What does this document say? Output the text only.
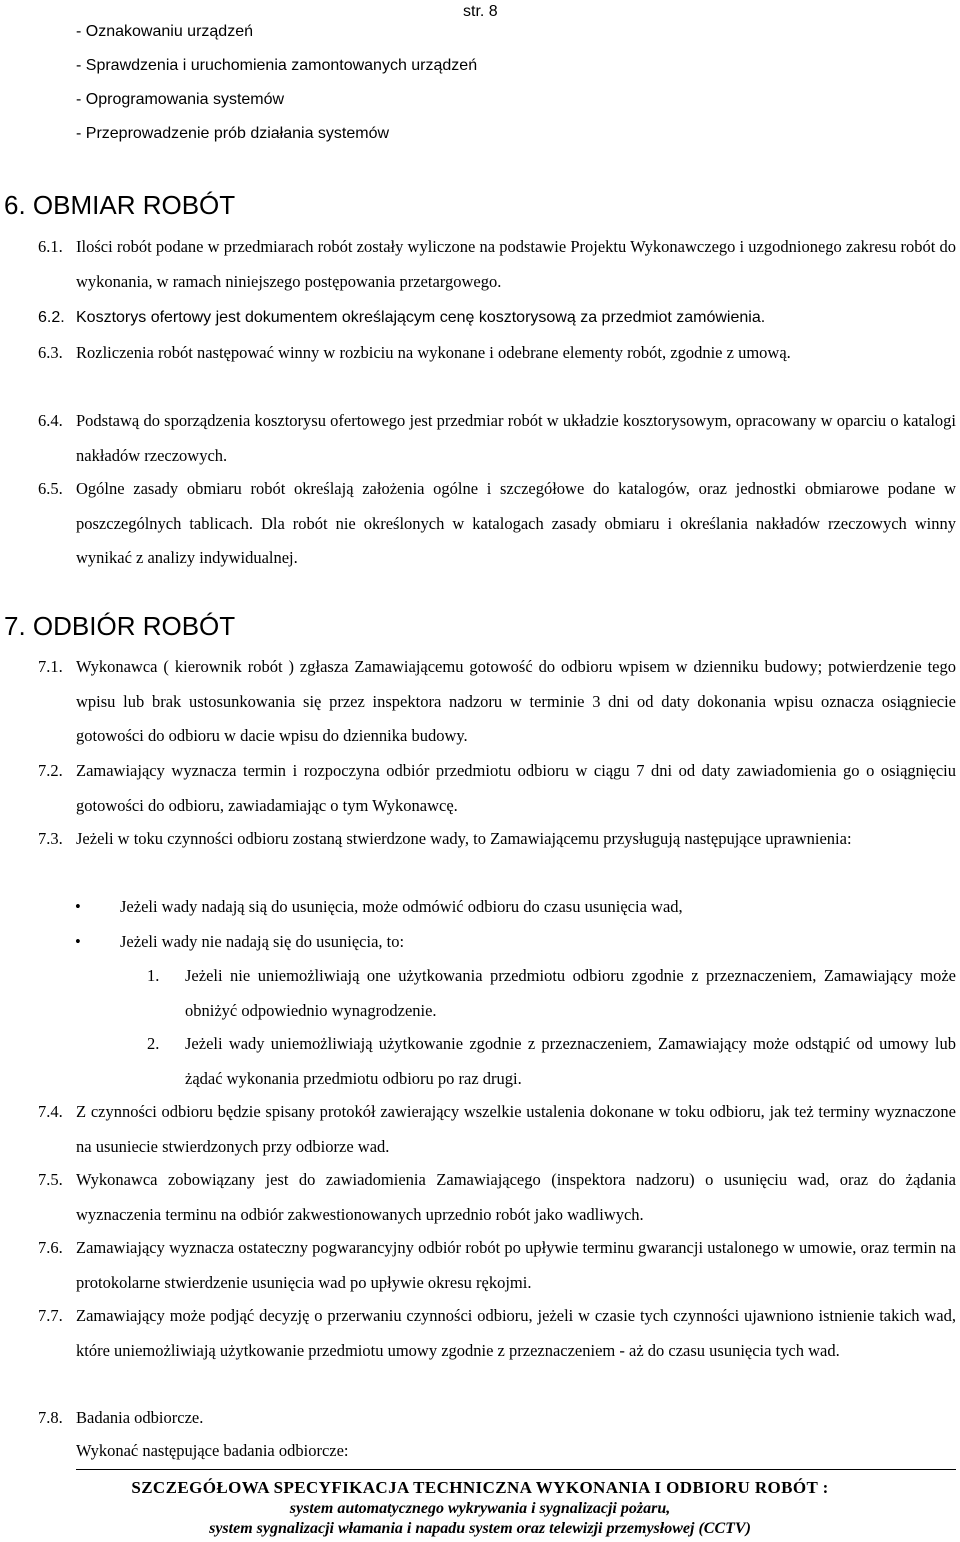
str. 8
- Oznakowaniu urządzeń
- Sprawdzenia i uruchomienia zamontowanych urządzeń
- Oprogramowania systemów
- Przeprowadzenie prób działania systemów
6. OBMIAR ROBÓT
6.1. Ilości robót podane w przedmiarach robót zostały wyliczone na podstawie Projektu Wykonawczego i uzgodnionego zakresu robót do wykonania, w ramach niniejszego postępowania przetargowego.
6.2. Kosztorys ofertowy jest dokumentem określającym cenę kosztorysową za przedmiot zamówienia.
6.3. Rozliczenia robót następować winny w rozbiciu na wykonane i odebrane elementy robót, zgodnie z umową.
6.4. Podstawą do sporządzenia kosztorysu ofertowego jest przedmiar robót w układzie kosztorysowym, opracowany w oparciu o katalogi nakładów rzeczowych.
6.5. Ogólne zasady obmiaru robót określają założenia ogólne i szczegółowe do katalogów, oraz jednostki obmiarowe podane w poszczególnych tablicach. Dla robót nie określonych w katalogach zasady obmiaru i określania nakładów rzeczowych winny wynikać z analizy indywidualnej.
7. ODBIÓR ROBÓT
7.1. Wykonawca ( kierownik robót ) zgłasza Zamawiającemu gotowość do odbioru wpisem w dzienniku budowy; potwierdzenie tego wpisu lub brak ustosunkowania się przez inspektora nadzoru w terminie 3 dni od daty dokonania wpisu oznacza osiągniecie gotowości do odbioru w dacie wpisu do dziennika budowy.
7.2. Zamawiający wyznacza termin i rozpoczyna odbiór przedmiotu odbioru w ciągu 7 dni od daty zawiadomienia go o osiągnięciu gotowości do odbioru, zawiadamiając o tym Wykonawcę.
7.3. Jeżeli w toku czynności odbioru zostaną stwierdzone wady, to Zamawiającemu przysługują następujące uprawnienia:
• Jeżeli wady nadają sią do usunięcia, może odmówić odbioru do czasu usunięcia wad,
• Jeżeli wady nie nadają się do usunięcia, to:
1. Jeżeli nie uniemożliwiają one użytkowania przedmiotu odbioru zgodnie z przeznaczeniem, Zamawiający może obniżyć odpowiednio wynagrodzenie.
2. Jeżeli wady uniemożliwiają użytkowanie zgodnie z przeznaczeniem, Zamawiający może odstąpić od umowy lub żądać wykonania przedmiotu odbioru po raz drugi.
7.4. Z czynności odbioru będzie spisany protokół zawierający wszelkie ustalenia dokonane w toku odbioru, jak też terminy wyznaczone na usuniecie stwierdzonych przy odbiorze wad.
7.5. Wykonawca zobowiązany jest do zawiadomienia Zamawiającego (inspektora nadzoru) o usunięciu wad, oraz do żądania wyznaczenia terminu na odbiór zakwestionowanych uprzednio robót jako wadliwych.
7.6. Zamawiający wyznacza ostateczny pogwarancyjny odbiór robót po upływie terminu gwarancji ustalonego w umowie, oraz termin na protokolarne stwierdzenie usunięcia wad po upływie okresu rękojmi.
7.7. Zamawiający może podjąć decyzję o przerwaniu czynności odbioru, jeżeli w czasie tych czynności ujawniono istnienie takich wad, które uniemożliwiają użytkowanie przedmiotu umowy zgodnie z przeznaczeniem - aż do czasu usunięcia tych wad.
7.8. Badania odbiorcze.
Wykonać następujące badania odbiorcze:
SZCZEGÓŁOWA SPECYFIKACJA TECHNICZNA WYKONANIA I ODBIORU ROBÓT :
system automatycznego wykrywania i sygnalizacji pożaru,
system sygnalizacji włamania i napadu system oraz telewizji przemysłowej (CCTV)
